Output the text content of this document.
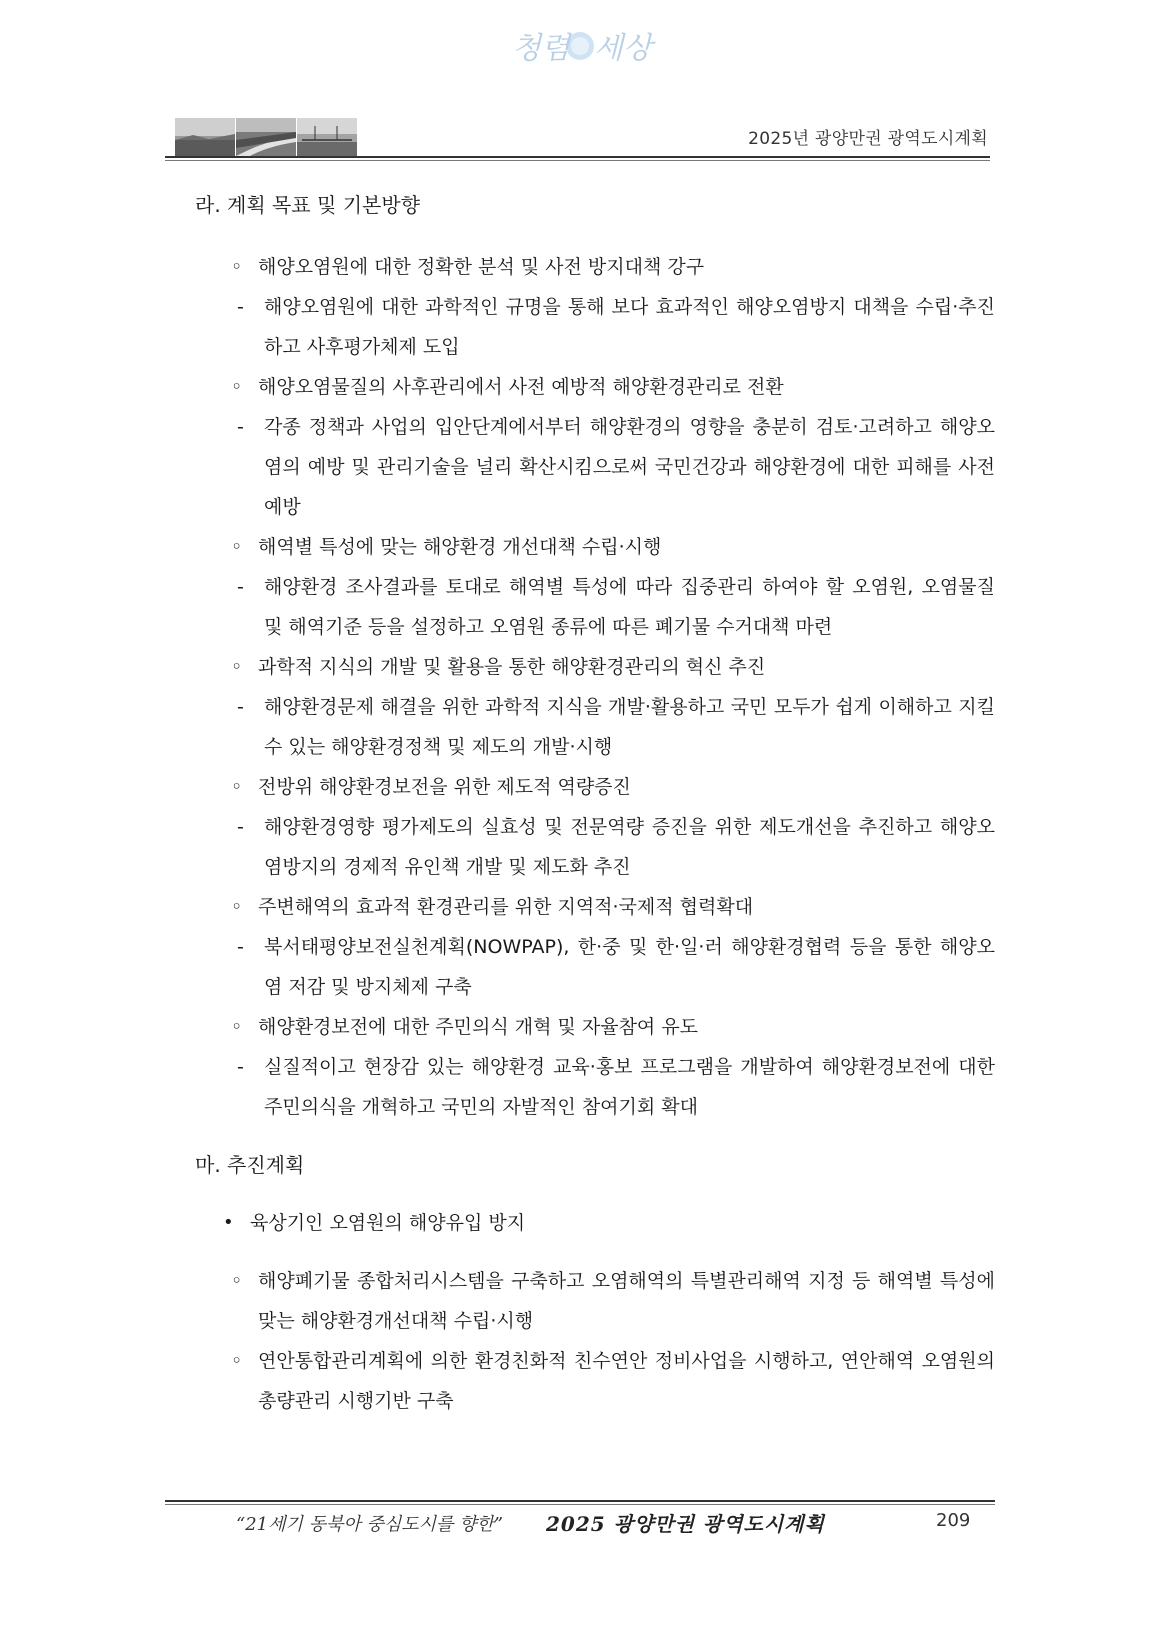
청렴 세상
2025년 광양만권 광역도시계획
라. 계획 목표 및 기본방향
◦ 해양오염원에 대한 정확한 분석 및 사전 방지대책 강구
- 해양오염원에 대한 과학적인 규명을 통해 보다 효과적인 해양오염방지 대책을 수립·추진하고 사후평가체제 도입
◦ 해양오염물질의 사후관리에서 사전 예방적 해양환경관리로 전환
- 각종 정책과 사업의 입안단계에서부터 해양환경의 영향을 충분히 검토·고려하고 해양오염의 예방 및 관리기술을 널리 확산시킴으로써 국민건강과 해양환경에 대한 피해를 사전예방
◦ 해역별 특성에 맞는 해양환경 개선대책 수립·시행
- 해양환경 조사결과를 토대로 해역별 특성에 따라 집중관리 하여야 할 오염원, 오염물질 및 해역기준 등을 설정하고 오염원 종류에 따른 폐기물 수거대책 마련
◦ 과학적 지식의 개발 및 활용을 통한 해양환경관리의 혁신 추진
- 해양환경문제 해결을 위한 과학적 지식을 개발·활용하고 국민 모두가 쉽게 이해하고 지킬 수 있는 해양환경정책 및 제도의 개발·시행
◦ 전방위 해양환경보전을 위한 제도적 역량증진
- 해양환경영향 평가제도의 실효성 및 전문역량 증진을 위한 제도개선을 추진하고 해양오염방지의 경제적 유인책 개발 및 제도화 추진
◦ 주변해역의 효과적 환경관리를 위한 지역적·국제적 협력확대
- 북서태평양보전실천계획(NOWPAP), 한·중 및 한·일·러 해양환경협력 등을 통한 해양오염 저감 및 방지체제 구축
◦ 해양환경보전에 대한 주민의식 개혁 및 자율참여 유도
- 실질적이고 현장감 있는 해양환경 교육·홍보 프로그램을 개발하여 해양환경보전에 대한 주민의식을 개혁하고 국민의 자발적인 참여기회 확대
마. 추진계획
• 육상기인 오염원의 해양유입 방지
◦ 해양폐기물 종합처리시스템을 구축하고 오염해역의 특별관리해역 지정 등 해역별 특성에 맞는 해양환경개선대책 수립·시행
◦ 연안통합관리계획에 의한 환경친화적 친수연안 정비사업을 시행하고, 연안해역 오염원의 총량관리 시행기반 구축
“21세기 동북아 중심도시를 향한” 2025 광양만권 광역도시계획	209
